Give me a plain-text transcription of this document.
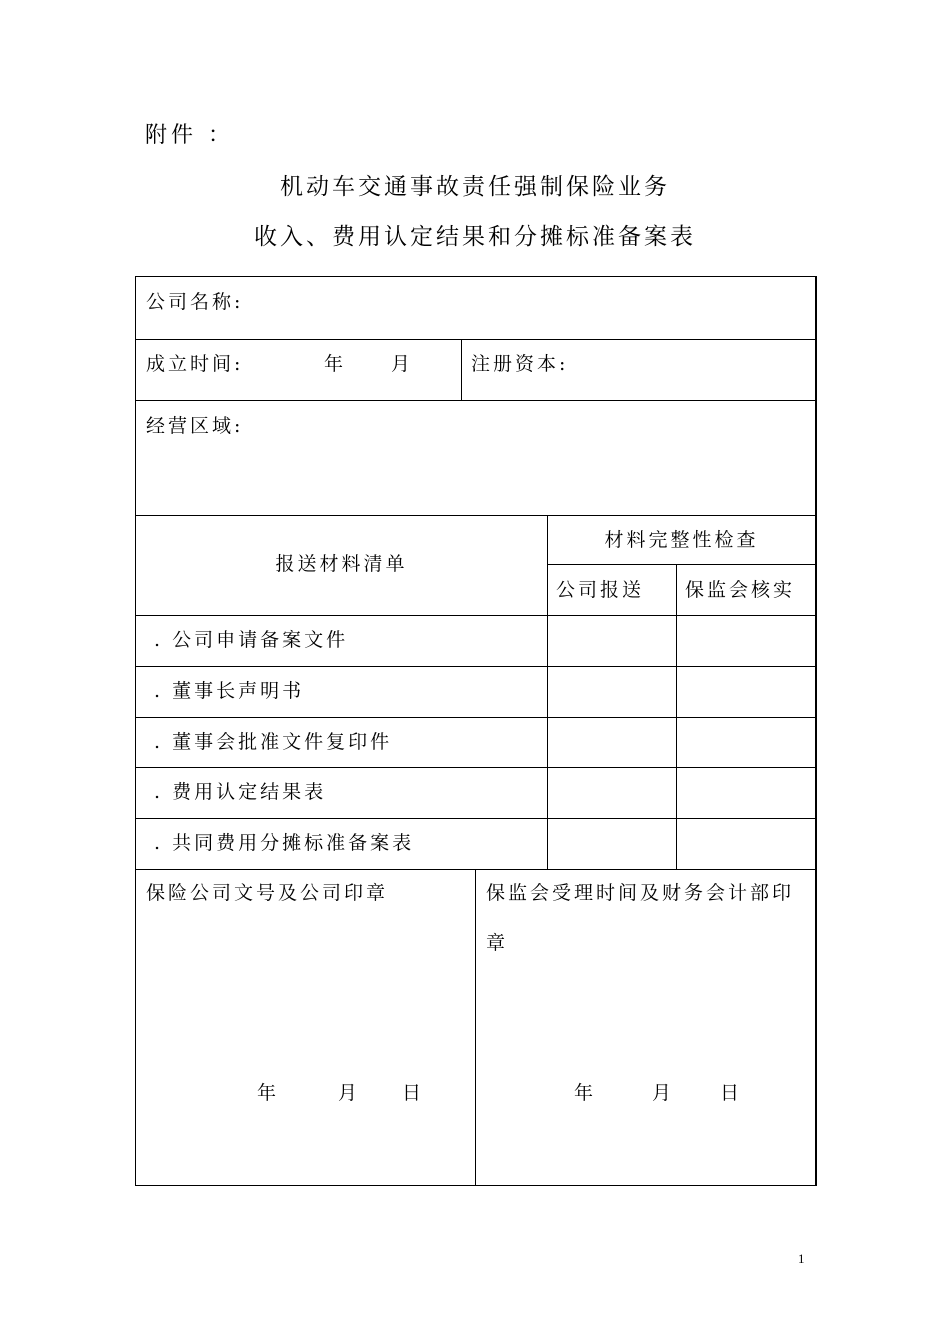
附件 ：
机动车交通事故责任强制保险业务
收入、费用认定结果和分摊标准备案表
公司名称:
成立时间:	年 月	注册资本:
经营区域:
报送材料清单
材料完整性检查
公司报送 保监会核实
. 公司申请备案文件
. 董事长声明书
. 董事会批准文件复印件
. 费用认定结果表
. 共同费用分摊标准备案表
保险公司文号及公司印章	保监会受理时间及财务会计部印
章
年	月 日	年	月 日
1
